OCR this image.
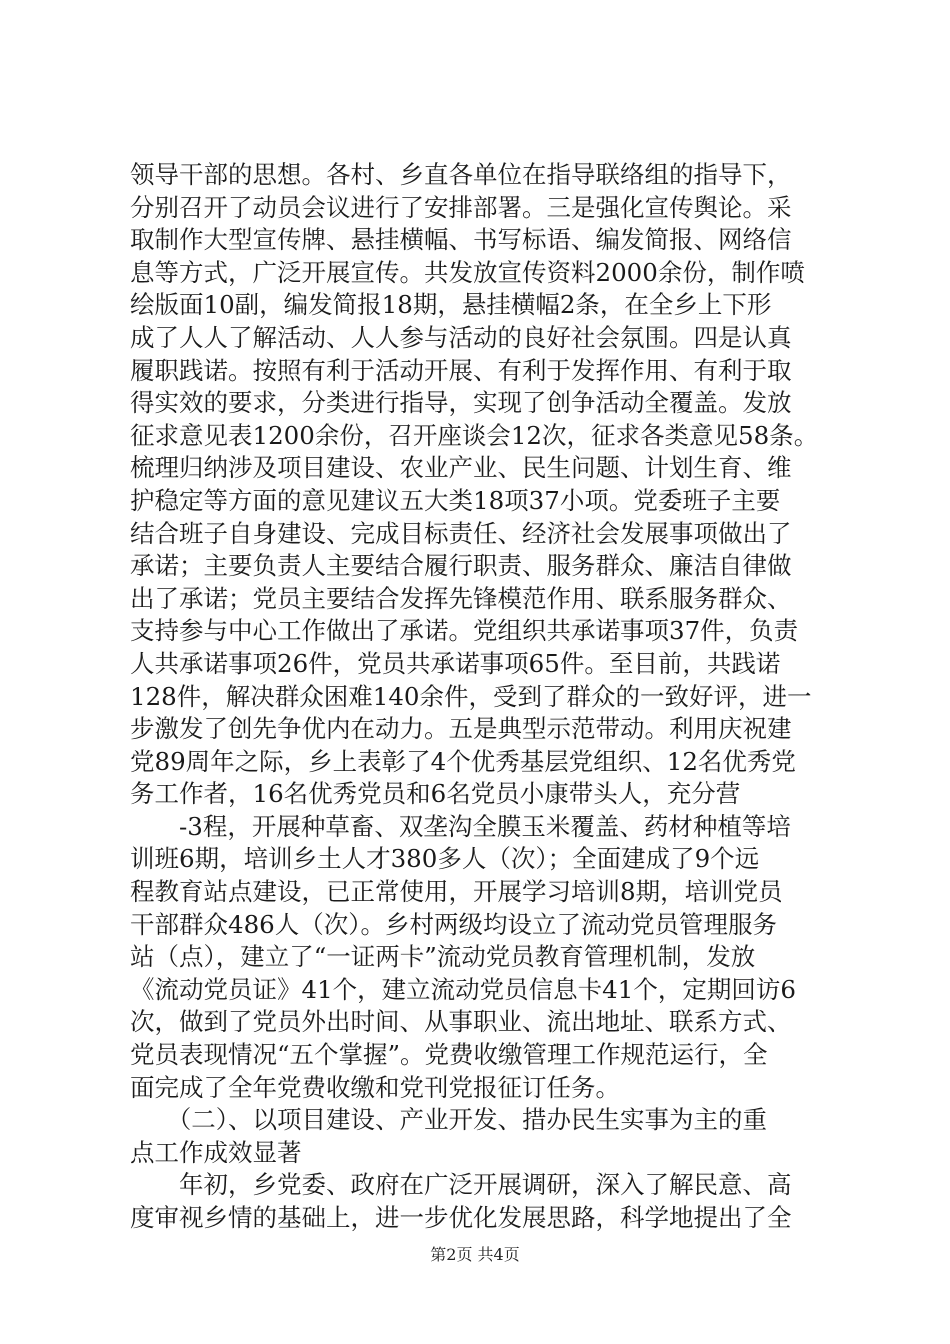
领导干部的思想。各村、乡直各单位在指导联络组的指导下，
分别召开了动员会议进行了安排部署。三是强化宣传舆论。采
取制作大型宣传牌、悬挂横幅、书写标语、编发简报、网络信
息等方式，广泛开展宣传。共发放宣传资料2000余份，制作喷
绘版面10副，编发简报18期，悬挂横幅2条，在全乡上下形
成了人人了解活动、人人参与活动的良好社会氛围。四是认真
履职践诺。按照有利于活动开展、有利于发挥作用、有利于取
得实效的要求，分类进行指导，实现了创争活动全覆盖。发放
征求意见表1200余份，召开座谈会12次，征求各类意见58条。
梳理归纳涉及项目建设、农业产业、民生问题、计划生育、维
护稳定等方面的意见建议五大类18项37小项。党委班子主要
结合班子自身建设、完成目标责任、经济社会发展事项做出了
承诺；主要负责人主要结合履行职责、服务群众、廉洁自律做
出了承诺；党员主要结合发挥先锋模范作用、联系服务群众、
支持参与中心工作做出了承诺。党组织共承诺事项37件，负责
人共承诺事项26件，党员共承诺事项65件。至目前，共践诺
128件，解决群众困难140余件，受到了群众的一致好评，进一
步激发了创先争优内在动力。五是典型示范带动。利用庆祝建
党89周年之际，乡上表彰了4个优秀基层党组织、12名优秀党
务工作者，16名优秀党员和6名党员小康带头人，充分营
　　-3程，开展种草畜、双垄沟全膜玉米覆盖、药材种植等培
训班6期，培训乡土人才380多人（次）；全面建成了9个远
程教育站点建设，已正常使用，开展学习培训8期，培训党员
干部群众486人（次）。乡村两级均设立了流动党员管理服务
站（点），建立了“一证两卡”流动党员教育管理机制，发放
《流动党员证》41个，建立流动党员信息卡41个，定期回访6
次，做到了党员外出时间、从事职业、流出地址、联系方式、
党员表现情况“五个掌握”。党费收缴管理工作规范运行，全
面完成了全年党费收缴和党刊党报征订任务。
　　（二）、以项目建设、产业开发、措办民生实事为主的重
点工作成效显著
　　年初，乡党委、政府在广泛开展调研，深入了解民意、高
度审视乡情的基础上，进一步优化发展思路，科学地提出了全
第2页 共4页
